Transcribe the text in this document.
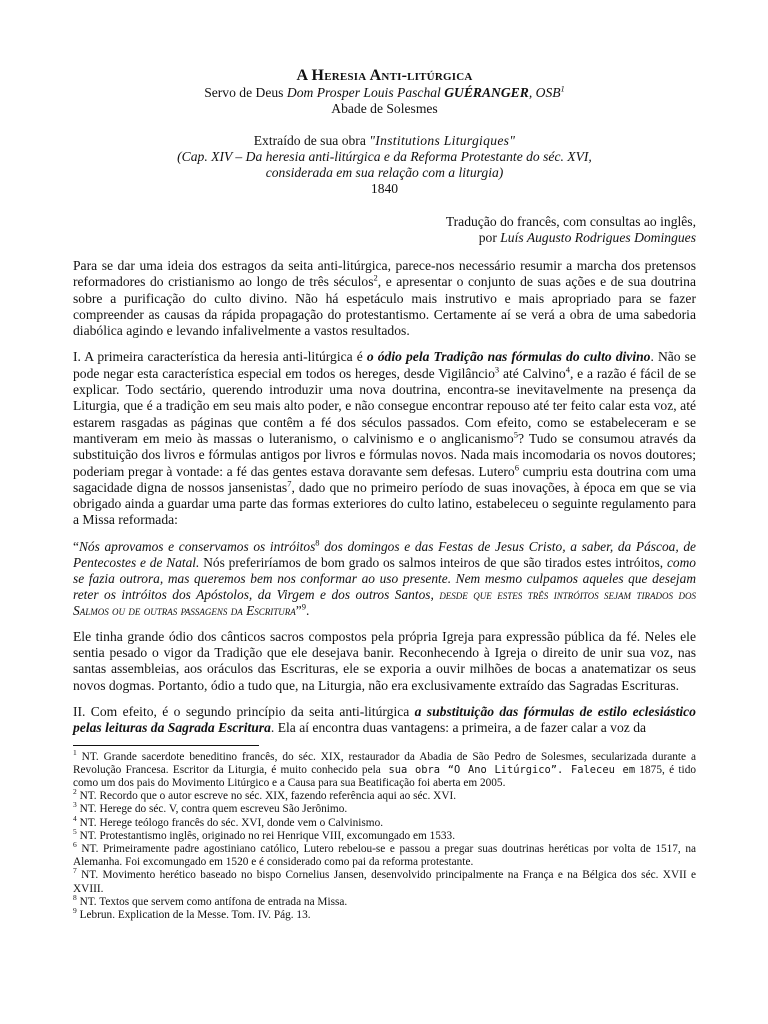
A Heresia Anti-litúrgica
Servo de Deus Dom Prosper Louis Paschal GUÉRANGER, OSB$^1$
Abade de Solesmes
Extraído de sua obra "Institutions Liturgiques"
(Cap. XIV – Da heresia anti-litúrgica e da Reforma Protestante do séc. XVI,
considerada em sua relação com a liturgia)
1840
Tradução do francês, com consultas ao inglês,
por Luís Augusto Rodrigues Domingues

Para se dar uma ideia dos estragos da seita anti-litúrgica, parece-nos necessário resumir a marcha dos pretensos reformadores do cristianismo ao longo de três séculos$^2$, e apresentar o conjunto de suas ações e de sua doutrina sobre a purificação do culto divino. Não há espetáculo mais instrutivo e mais apropriado para se fazer compreender as causas da rápida propagação do protestantismo. Certamente aí se verá a obra de uma sabedoria diabólica agindo e levando infalivelmente a vastos resultados.

I. A primeira característica da heresia anti-litúrgica é o ódio pela Tradição nas fórmulas do culto divino. Não se pode negar esta característica especial em todos os hereges, desde Vigilâncio$^3$ até Calvino$^4$, e a razão é fácil de se explicar. Todo sectário, querendo introduzir uma nova doutrina, encontra-se inevitavelmente na presença da Liturgia, que é a tradição em seu mais alto poder, e não consegue encontrar repouso até ter feito calar esta voz, até estarem rasgadas as páginas que contêm a fé dos séculos passados. Com efeito, como se estabeleceram e se mantiveram em meio às massas o luteranismo, o calvinismo e o anglicanismo$^5$? Tudo se consumou através da substituição dos livros e fórmulas antigos por livros e fórmulas novos. Nada mais incomodaria os novos doutores; poderiam pregar à vontade: a fé das gentes estava doravante sem defesas. Lutero$^6$ cumpriu esta doutrina com uma sagacidade digna de nossos jansenistas$^7$, dado que no primeiro período de suas inovações, à época em que se via obrigado ainda a guardar uma parte das formas exteriores do culto latino, estabeleceu o seguinte regulamento para a Missa reformada:

“Nós aprovamos e conservamos os intróitos$^8$ dos domingos e das Festas de Jesus Cristo, a saber, da Páscoa, de Pentecostes e de Natal. Nós preferiríamos de bom grado os salmos inteiros de que são tirados estes intróitos, como se fazia outrora, mas queremos bem nos conformar ao uso presente. Nem mesmo culpamos aqueles que desejam reter os intróitos dos Apóstolos, da Virgem e dos outros Santos, desde que estes três intróitos sejam tirados dos Salmos ou de outras passagens da Escritura”$^9$.

Ele tinha grande ódio dos cânticos sacros compostos pela própria Igreja para expressão pública da fé. Neles ele sentia pesado o vigor da Tradição que ele desejava banir. Reconhecendo à Igreja o direito de unir sua voz, nas santas assembleias, aos oráculos das Escrituras, ele se exporia a ouvir milhões de bocas a anatematizar os seus novos dogmas. Portanto, ódio a tudo que, na Liturgia, não era exclusivamente extraído das Sagradas Escrituras.

II. Com efeito, é o segundo princípio da seita anti-litúrgica a substituição das fórmulas de estilo eclesiástico pelas leituras da Sagrada Escritura. Ela aí encontra duas vantagens: a primeira, a de fazer calar a voz da

$^1$ NT. Grande sacerdote beneditino francês, do séc. XIX, restaurador da Abadia de São Pedro de Solesmes, secularizada durante a Revolução Francesa. Escritor da Liturgia, é muito conhecido pela sua obra “O Ano Litúrgico”. Faleceu em 1875, é tido como um dos pais do Movimento Litúrgico e a Causa para sua Beatificação foi aberta em 2005.

$^2$ NT. Recordo que o autor escreve no séc. XIX, fazendo referência aqui ao séc. XVI.

$^3$ NT. Herege do séc. V, contra quem escreveu São Jerônimo.

$^4$ NT. Herege teólogo francês do séc. XVI, donde vem o Calvinismo.

$^5$ NT. Protestantismo inglês, originado no rei Henrique VIII, excomungado em 1533.

$^6$ NT. Primeiramente padre agostiniano católico, Lutero rebelou-se e passou a pregar suas doutrinas heréticas por volta de 1517, na Alemanha. Foi excomungado em 1520 e é considerado como pai da reforma protestante.

$^7$ NT. Movimento herético baseado no bispo Cornelius Jansen, desenvolvido principalmente na França e na Bélgica dos séc. XVII e XVIII.

$^8$ NT. Textos que servem como antífona de entrada na Missa.

$^9$ Lebrun. Explication de la Messe. Tom. IV. Pág. 13.
